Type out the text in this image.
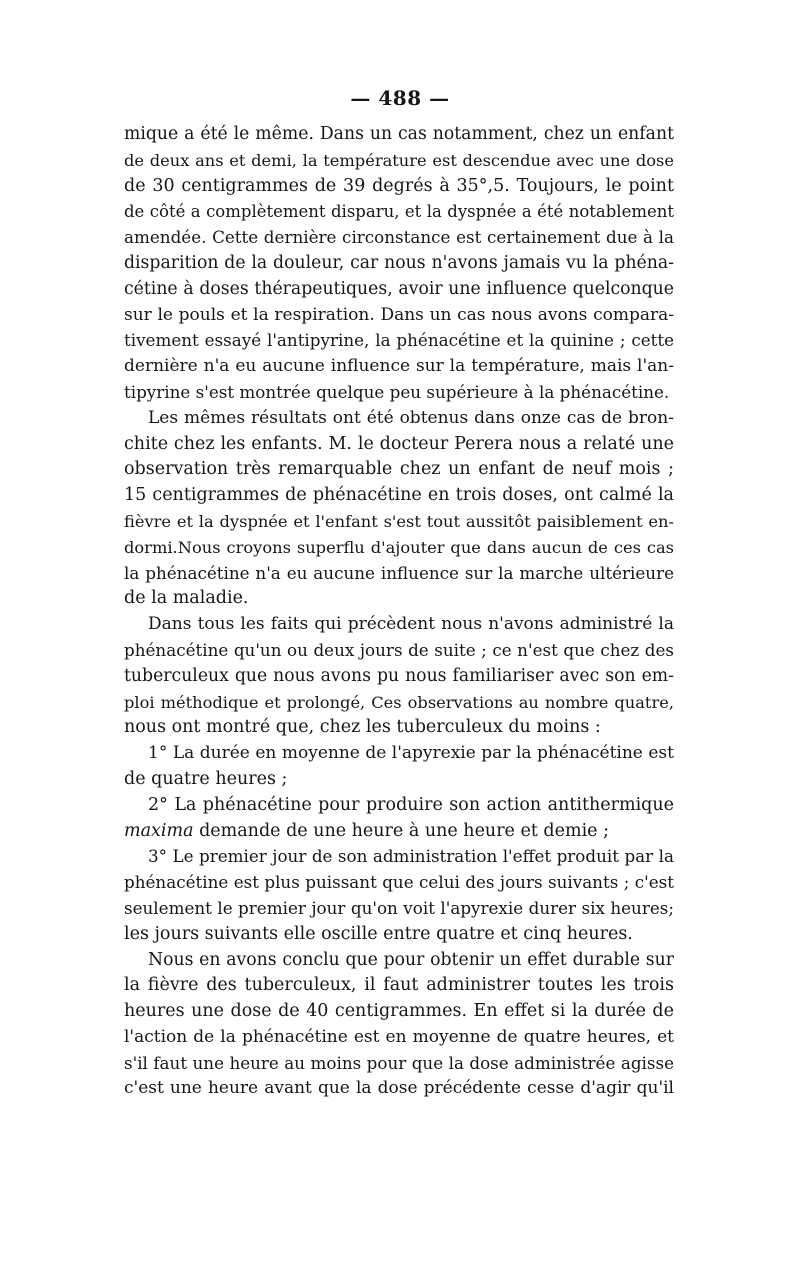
— 488 —
mique a été le même. Dans un cas notamment, chez un enfant
de deux ans et demi, la température est descendue avec une dose
de 30 centigrammes de 39 degrés à 35°,5. Toujours, le point
de côté a complètement disparu, et la dyspnée a été notablement
amendée. Cette dernière circonstance est certainement due à la
disparition de la douleur, car nous n'avons jamais vu la phéna-
cétine à doses thérapeutiques, avoir une influence quelconque
sur le pouls et la respiration. Dans un cas nous avons compara-
tivement essayé l'antipyrine, la phénacétine et la quinine ; cette
dernière n'a eu aucune influence sur la température, mais l'an-
tipyrine s'est montrée quelque peu supérieure à la phénacétine.
Les mêmes résultats ont été obtenus dans onze cas de bron-
chite chez les enfants. M. le docteur Perera nous a relaté une
observation très remarquable chez un enfant de neuf mois ;
15 centigrammes de phénacétine en trois doses, ont calmé la
fièvre et la dyspnée et l'enfant s'est tout aussitôt paisiblement en-
dormi.Nous croyons superflu d'ajouter que dans aucun de ces cas
la phénacétine n'a eu aucune influence sur la marche ultérieure
de la maladie.
Dans tous les faits qui précèdent nous n'avons administré la
phénacétine qu'un ou deux jours de suite ; ce n'est que chez des
tuberculeux que nous avons pu nous familiariser avec son em-
ploi méthodique et prolongé, Ces observations au nombre quatre,
nous ont montré que, chez les tuberculeux du moins :
1° La durée en moyenne de l'apyrexie par la phénacétine est
de quatre heures ;
2° La phénacétine pour produire son action antithermique
maxima demande de une heure à une heure et demie ;
3° Le premier jour de son administration l'effet produit par la
phénacétine est plus puissant que celui des jours suivants ; c'est
seulement le premier jour qu'on voit l'apyrexie durer six heures;
les jours suivants elle oscille entre quatre et cinq heures.
Nous en avons conclu que pour obtenir un effet durable sur
la fièvre des tuberculeux, il faut administrer toutes les trois
heures une dose de 40 centigrammes. En effet si la durée de
l'action de la phénacétine est en moyenne de quatre heures, et
s'il faut une heure au moins pour que la dose administrée agisse
c'est une heure avant que la dose précédente cesse d'agir qu'il
